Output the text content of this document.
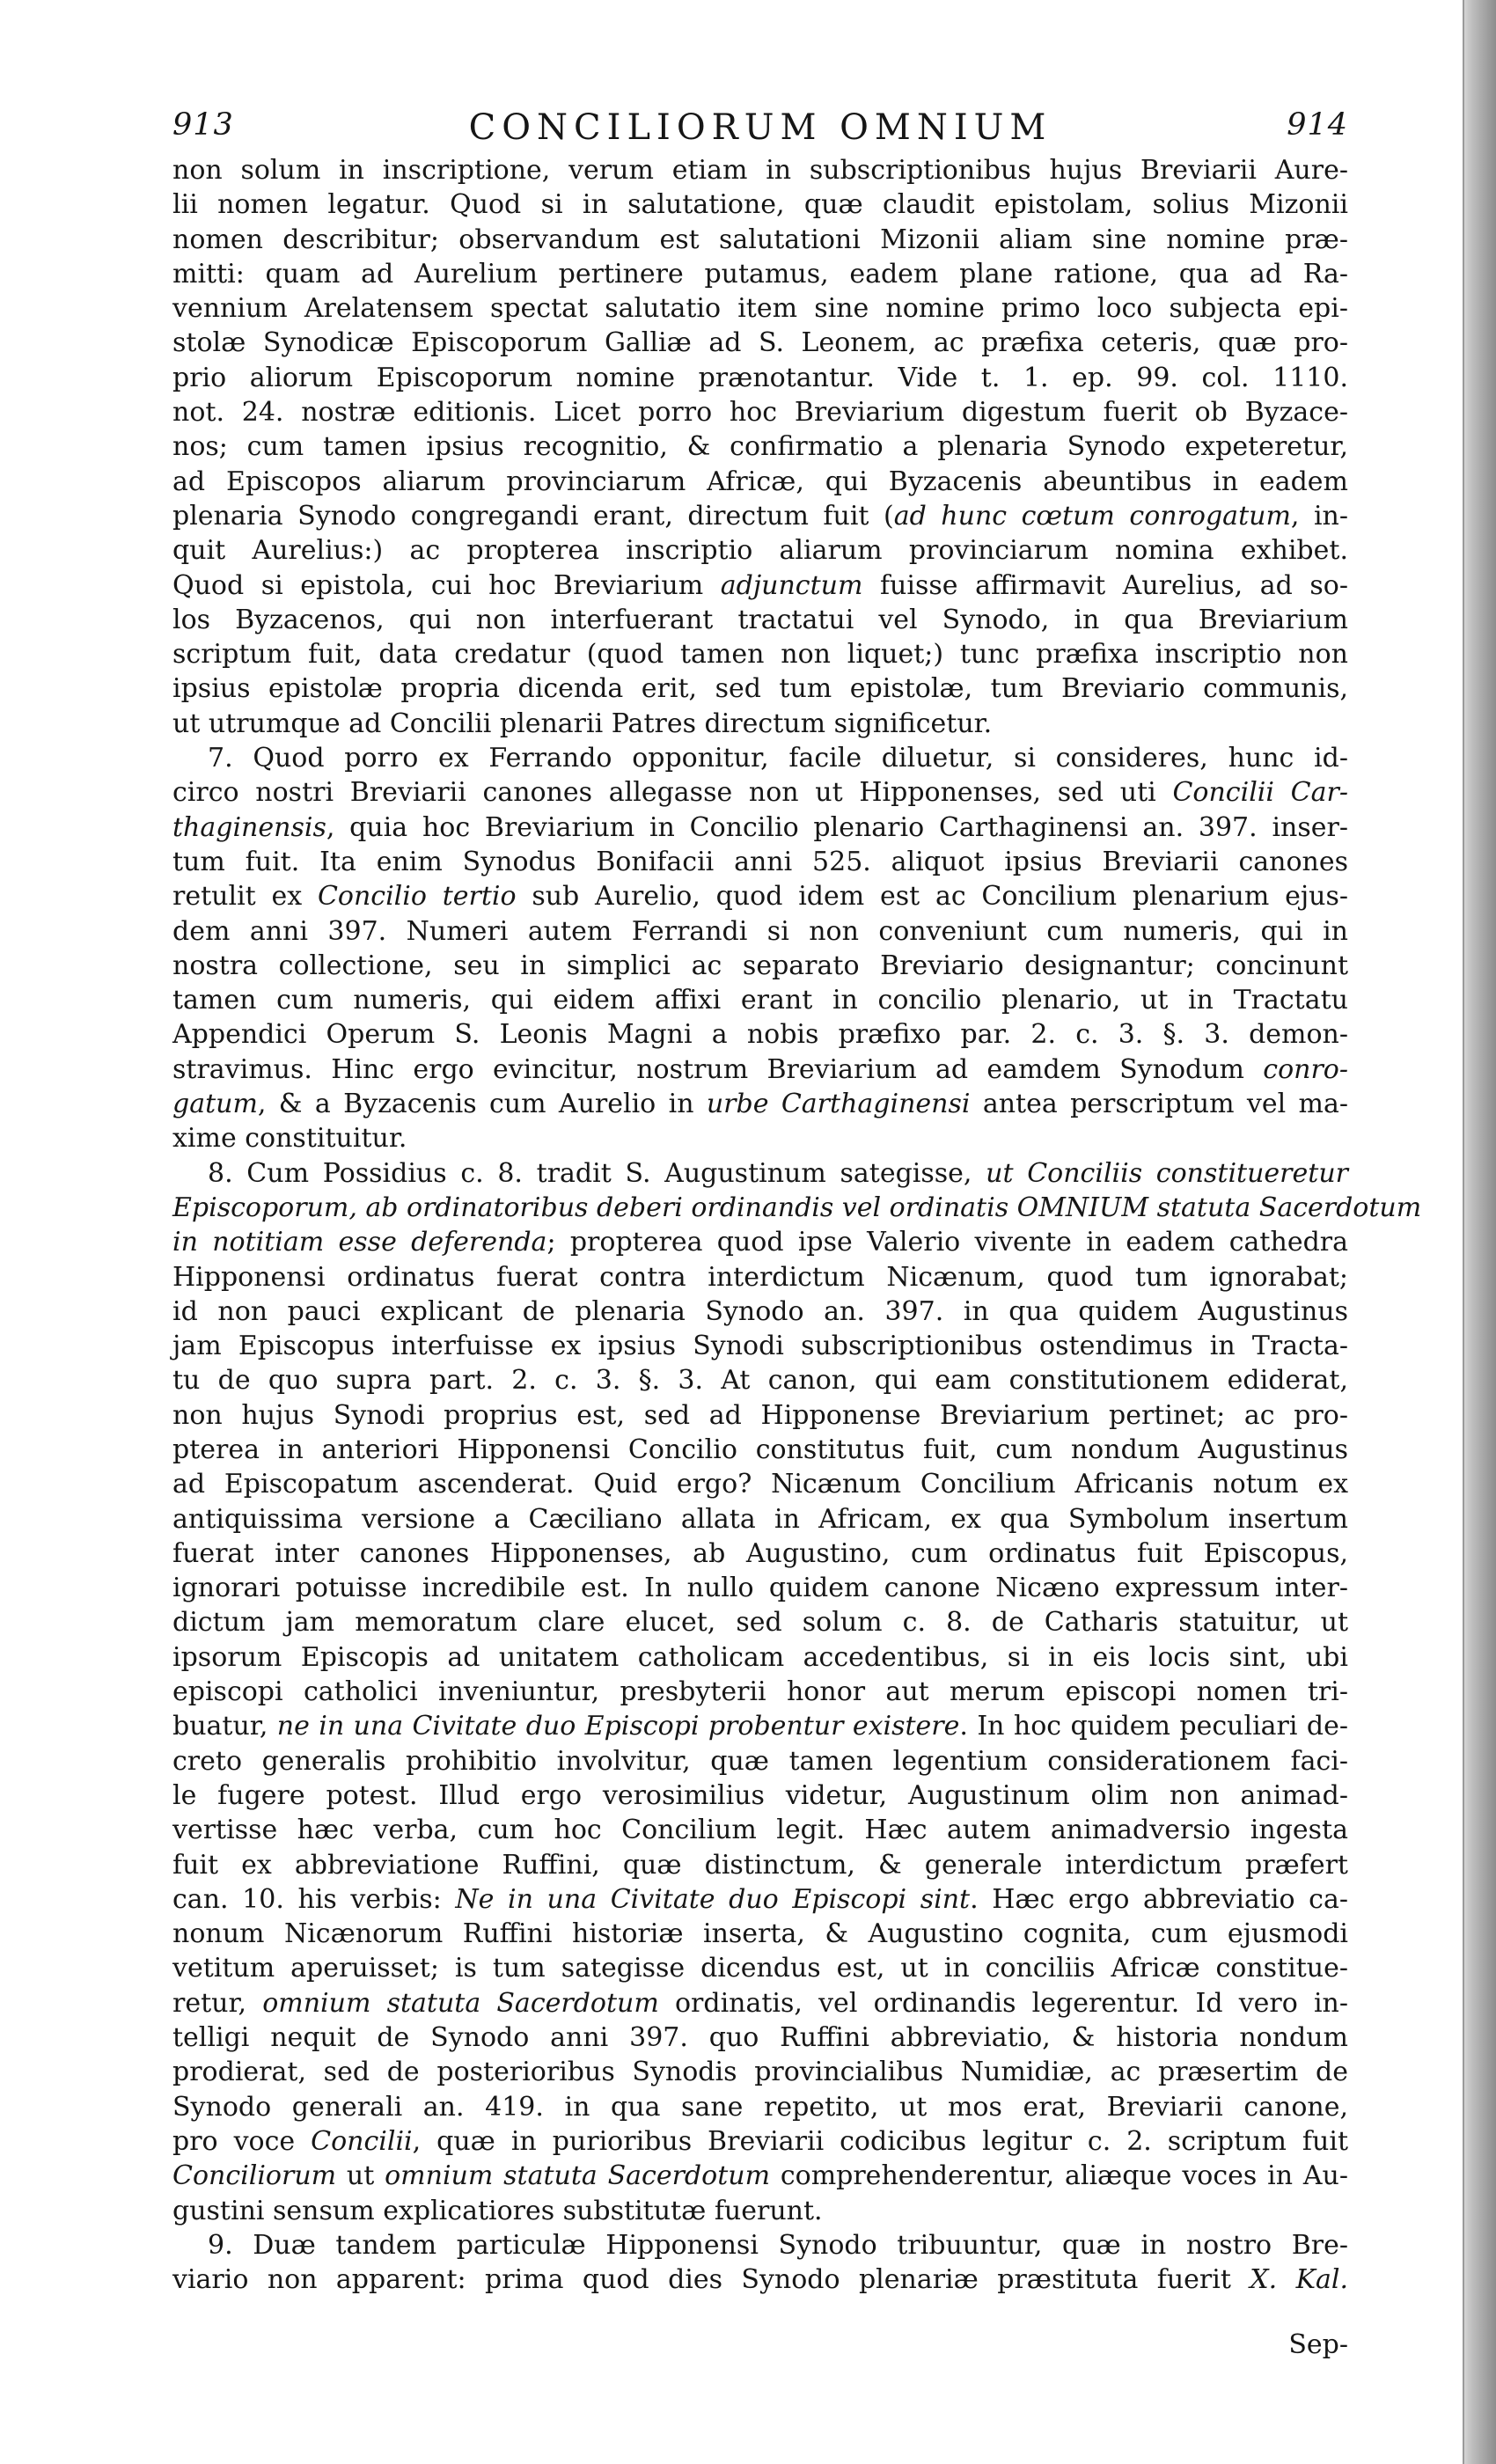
913	CONCILIORUM OMNIUM	914
non solum in inscriptione, verum etiam in subscriptionibus hujus Breviarii Aure-
lii nomen legatur. Quod si in salutatione, quæ claudit epistolam, solius Mizonii
nomen describitur; observandum est salutationi Mizonii aliam sine nomine præ-
mitti: quam ad Aurelium pertinere putamus, eadem plane ratione, qua ad Ra-
vennium Arelatensem spectat salutatio item sine nomine primo loco subjecta epi-
stolæ Synodicæ Episcoporum Galliæ ad S. Leonem, ac præfixa ceteris, quæ pro-
prio aliorum Episcoporum nomine prænotantur. Vide t. 1. ep. 99. col. 1110.
not. 24. nostræ editionis. Licet porro hoc Breviarium digestum fuerit ob Byzace-
nos; cum tamen ipsius recognitio, & confirmatio a plenaria Synodo expeteretur,
ad Episcopos aliarum provinciarum Africæ, qui Byzacenis abeuntibus in eadem
plenaria Synodo congregandi erant, directum fuit (ad hunc cœtum conrogatum, in-
quit Aurelius:) ac propterea inscriptio aliarum provinciarum nomina exhibet.
Quod si epistola, cui hoc Breviarium adjunctum fuisse affirmavit Aurelius, ad so-
los Byzacenos, qui non interfuerant tractatui vel Synodo, in qua Breviarium
scriptum fuit, data credatur (quod tamen non liquet;) tunc præfixa inscriptio non
ipsius epistolæ propria dicenda erit, sed tum epistolæ, tum Breviario communis,
ut utrumque ad Concilii plenarii Patres directum significetur.
7. Quod porro ex Ferrando opponitur, facile diluetur, si consideres, hunc id-
circo nostri Breviarii canones allegasse non ut Hipponenses, sed uti Concilii Car-
thaginensis, quia hoc Breviarium in Concilio plenario Carthaginensi an. 397. inser-
tum fuit. Ita enim Synodus Bonifacii anni 525. aliquot ipsius Breviarii canones
retulit ex Concilio tertio sub Aurelio, quod idem est ac Concilium plenarium ejus-
dem anni 397. Numeri autem Ferrandi si non conveniunt cum numeris, qui in
nostra collectione, seu in simplici ac separato Breviario designantur; concinunt
tamen cum numeris, qui eidem affixi erant in concilio plenario, ut in Tractatu
Appendici Operum S. Leonis Magni a nobis præfixo par. 2. c. 3. §. 3. demon-
stravimus. Hinc ergo evincitur, nostrum Breviarium ad eamdem Synodum conro-
gatum, & a Byzacenis cum Aurelio in urbe Carthaginensi antea perscriptum vel ma-
xime constituitur.
8. Cum Possidius c. 8. tradit S. Augustinum sategisse, ut Conciliis constitueretur
Episcoporum, ab ordinatoribus deberi ordinandis vel ordinatis OMNIUM statuta Sacerdotum
in notitiam esse deferenda; propterea quod ipse Valerio vivente in eadem cathedra
Hipponensi ordinatus fuerat contra interdictum Nicænum, quod tum ignorabat;
id non pauci explicant de plenaria Synodo an. 397. in qua quidem Augustinus
jam Episcopus interfuisse ex ipsius Synodi subscriptionibus ostendimus in Tracta-
tu de quo supra part. 2. c. 3. §. 3. At canon, qui eam constitutionem ediderat,
non hujus Synodi proprius est, sed ad Hipponense Breviarium pertinet; ac pro-
pterea in anteriori Hipponensi Concilio constitutus fuit, cum nondum Augustinus
ad Episcopatum ascenderat. Quid ergo? Nicænum Concilium Africanis notum ex
antiquissima versione a Cæciliano allata in Africam, ex qua Symbolum insertum
fuerat inter canones Hipponenses, ab Augustino, cum ordinatus fuit Episcopus,
ignorari potuisse incredibile est. In nullo quidem canone Nicæno expressum inter-
dictum jam memoratum clare elucet, sed solum c. 8. de Catharis statuitur, ut
ipsorum Episcopis ad unitatem catholicam accedentibus, si in eis locis sint, ubi
episcopi catholici inveniuntur, presbyterii honor aut merum episcopi nomen tri-
buatur, ne in una Civitate duo Episcopi probentur existere. In hoc quidem peculiari de-
creto generalis prohibitio involvitur, quæ tamen legentium considerationem faci-
le fugere potest. Illud ergo verosimilius videtur, Augustinum olim non animad-
vertisse hæc verba, cum hoc Concilium legit. Hæc autem animadversio ingesta
fuit ex abbreviatione Ruffini, quæ distinctum, & generale interdictum præfert
can. 10. his verbis: Ne in una Civitate duo Episcopi sint. Hæc ergo abbreviatio ca-
nonum Nicænorum Ruffini historiæ inserta, & Augustino cognita, cum ejusmodi
vetitum aperuisset; is tum sategisse dicendus est, ut in conciliis Africæ constitue-
retur, omnium statuta Sacerdotum ordinatis, vel ordinandis legerentur. Id vero in-
telligi nequit de Synodo anni 397. quo Ruffini abbreviatio, & historia nondum
prodierat, sed de posterioribus Synodis provincialibus Numidiæ, ac præsertim de
Synodo generali an. 419. in qua sane repetito, ut mos erat, Breviarii canone,
pro voce Concilii, quæ in purioribus Breviarii codicibus legitur c. 2. scriptum fuit
Conciliorum ut omnium statuta Sacerdotum comprehenderentur, aliæque voces in Au-
gustini sensum explicatiores substitutæ fuerunt.
9. Duæ tandem particulæ Hipponensi Synodo tribuuntur, quæ in nostro Bre-
viario non apparent: prima quod dies Synodo plenariæ præstituta fuerit X. Kal.
Sep-
